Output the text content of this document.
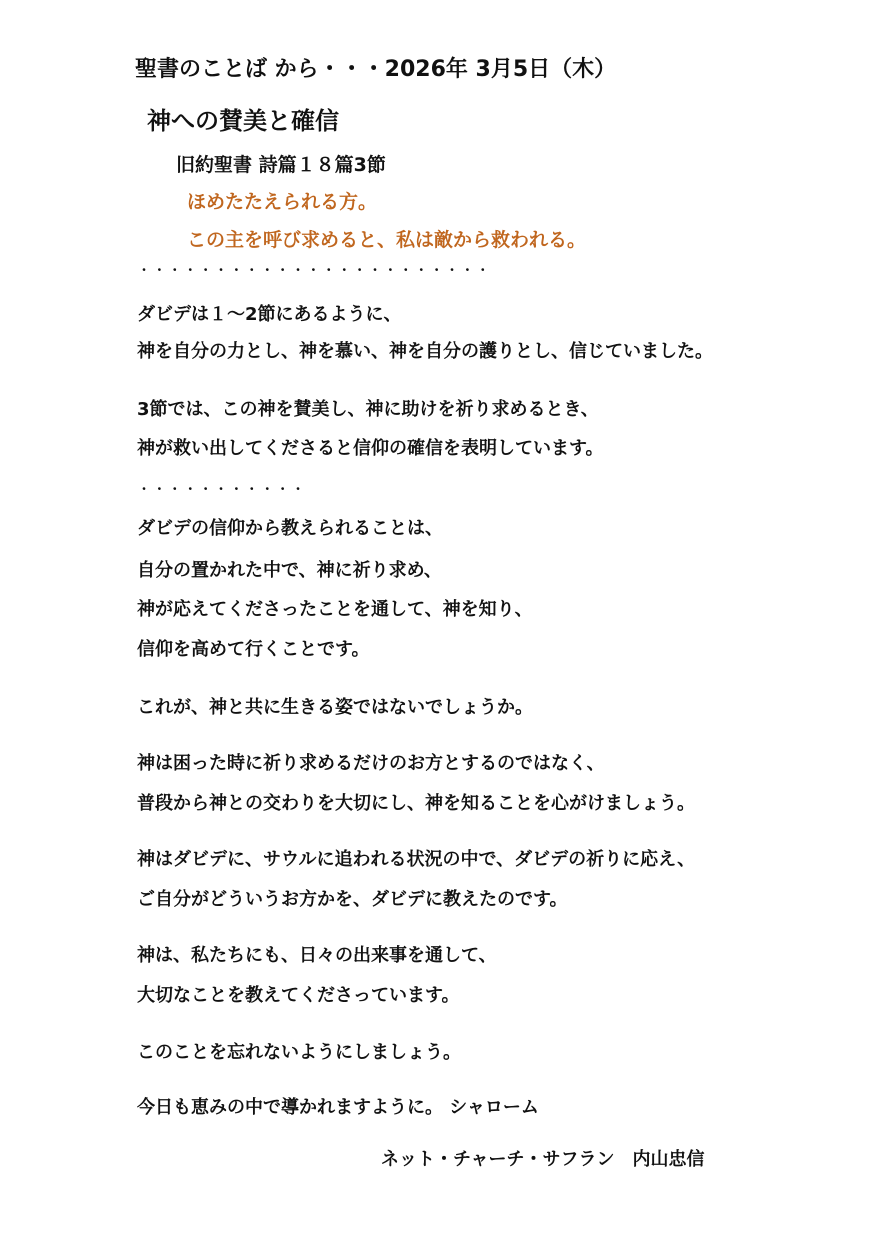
聖書のことば から・・・2026年 3月5日（木）
神への賛美と確信
旧約聖書 詩篇１８篇3節
ほめたたえられる方。
この主を呼び求めると、私は敵から救われる。
・・・・・・・・・・・・・・・・・・・・・・・
ダビデは１～2節にあるように、
神を自分の力とし、神を慕い、神を自分の護りとし、信じていました。
3節では、この神を賛美し、神に助けを祈り求めるとき、
神が救い出してくださると信仰の確信を表明しています。
・・・・・・・・・・・
ダビデの信仰から教えられることは、
自分の置かれた中で、神に祈り求め、
神が応えてくださったことを通して、神を知り、
信仰を高めて行くことです。
これが、神と共に生きる姿ではないでしょうか。
神は困った時に祈り求めるだけのお方とするのではなく、
普段から神との交わりを大切にし、神を知ることを心がけましょう。
神はダビデに、サウルに追われる状況の中で、ダビデの祈りに応え、
ご自分がどういうお方かを、ダビデに教えたのです。
神は、私たちにも、日々の出来事を通して、
大切なことを教えてくださっています。
このことを忘れないようにしましょう。
今日も恵みの中で導かれますように。 シャローム
ネット・チャーチ・サフラン　内山忠信
